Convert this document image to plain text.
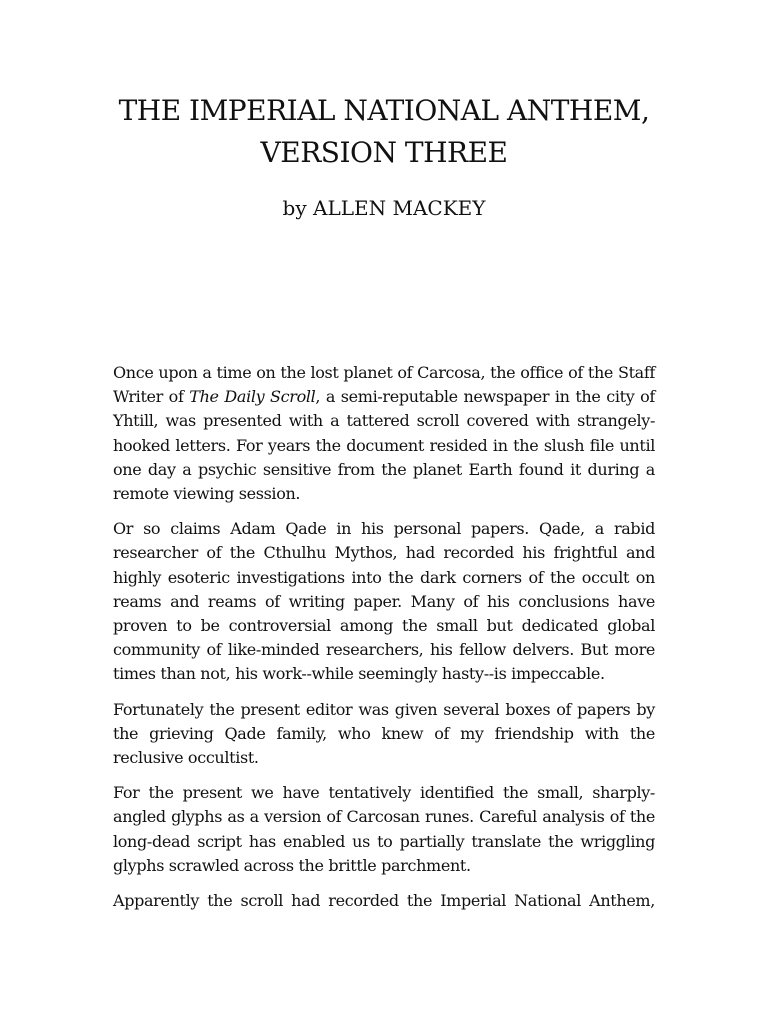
THE IMPERIAL NATIONAL ANTHEM,
VERSION THREE

by ALLEN MACKEY

Once upon a time on the lost planet of Carcosa, the office of the Staff Writer of The Daily Scroll, a semi-reputable newspaper in the city of Yhtill, was presented with a tattered scroll covered with strangely-hooked letters. For years the document resided in the slush file until one day a psychic sensitive from the planet Earth found it during a remote viewing session.

Or so claims Adam Qade in his personal papers. Qade, a rabid researcher of the Cthulhu Mythos, had recorded his frightful and highly esoteric investigations into the dark corners of the occult on reams and reams of writing paper. Many of his conclusions have proven to be controversial among the small but dedicated global community of like-minded researchers, his fellow delvers. But more times than not, his work--while seemingly hasty--is impeccable.

Fortunately the present editor was given several boxes of papers by the grieving Qade family, who knew of my friendship with the reclusive occultist.

For the present we have tentatively identified the small, sharply-angled glyphs as a version of Carcosan runes. Careful analysis of the long-dead script has enabled us to partially translate the wriggling glyphs scrawled across the brittle parchment.

Apparently the scroll had recorded the Imperial National Anthem,
